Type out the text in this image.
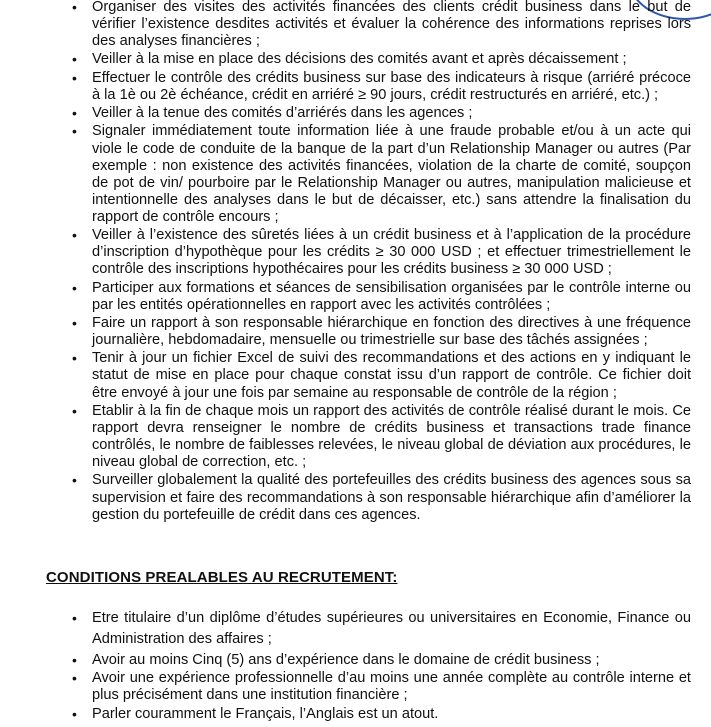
•	Organiser des visites des activités financées des clients crédit business dans le but de vérifier l’existence desdites activités et évaluer la cohérence des informations reprises lors des analyses financières ;
•	Veiller à la mise en place des décisions des comités avant et après décaissement ;
•	Effectuer le contrôle des crédits business sur base des indicateurs à risque (arriéré précoce à la 1è ou 2è échéance, crédit en arriéré ≥ 90 jours, crédit restructurés en arriéré, etc.) ;
•	Veiller à la tenue des comités d’arriérés dans les agences ;
•	Signaler immédiatement toute information liée à une fraude probable et/ou à un acte qui viole le code de conduite de la banque de la part d’un Relationship Manager ou autres (Par exemple : non existence des activités financées, violation de la charte de comité, soupçon de pot de vin/ pourboire par le Relationship Manager ou autres, manipulation malicieuse et intentionnelle des analyses dans le but de décaisser, etc.) sans attendre la finalisation du rapport de contrôle encours ;
•	Veiller à l’existence des sûretés liées à un crédit business et à l’application de la procédure d’inscription d’hypothèque pour les crédits ≥ 30 000 USD ; et effectuer trimestriellement le contrôle des inscriptions hypothécaires pour les crédits business ≥ 30 000 USD ;
•	Participer aux formations et séances de sensibilisation organisées par le contrôle interne ou par les entités opérationnelles en rapport avec les activités contrôlées ;
•	Faire un rapport à son responsable hiérarchique en fonction des directives à une fréquence journalière, hebdomadaire, mensuelle ou trimestrielle sur base des tâchés assignées ;
•	Tenir à jour un fichier Excel de suivi des recommandations et des actions en y indiquant le statut de mise en place pour chaque constat issu d’un rapport de contrôle. Ce fichier doit être envoyé à jour une fois par semaine au responsable de contrôle de la région ;
•	Etablir à la fin de chaque mois un rapport des activités de contrôle réalisé durant le mois. Ce rapport devra renseigner le nombre de crédits business et transactions trade finance contrôlés, le nombre de faiblesses relevées, le niveau global de déviation aux procédures, le niveau global de correction, etc. ;
•	Surveiller globalement la qualité des portefeuilles des crédits business des agences sous sa supervision et faire des recommandations à son responsable hiérarchique afin d’améliorer la gestion du portefeuille de crédit dans ces agences.
CONDITIONS PREALABLES AU RECRUTEMENT:
•	Etre titulaire d’un diplôme d’études supérieures ou universitaires en Economie, Finance ou Administration des affaires ;
•	Avoir au moins Cinq (5) ans d’expérience dans le domaine de crédit business ;
•	Avoir une expérience professionnelle d’au moins une année complète au contrôle interne et plus précisément dans une institution financière ;
•	Parler couramment le Français, l’Anglais est un atout.
